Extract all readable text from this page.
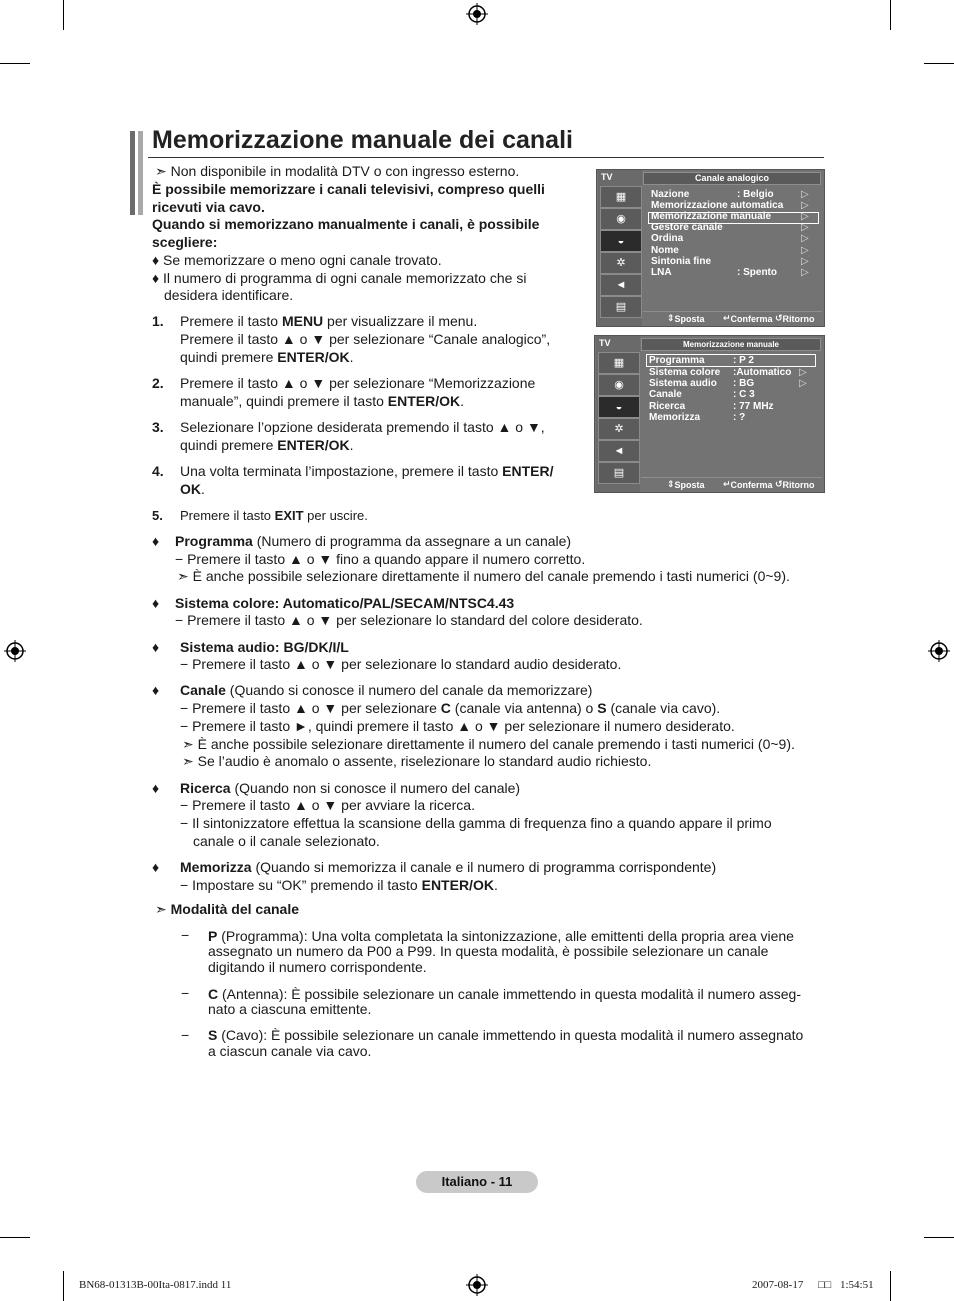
Memorizzazione manuale dei canali
➣ Non disponibile in modalità DTV o con ingresso esterno.
È possibile memorizzare i canali televisivi, compreso quelli
ricevuti via cavo.
Quando si memorizzano manualmente i canali, è possibile
scegliere:
♦ Se memorizzare o meno ogni canale trovato.
♦ Il numero di programma di ogni canale memorizzato che si
desidera identificare.
1. Premere il tasto MENU per visualizzare il menu.
Premere il tasto ▲ o ▼ per selezionare “Canale analogico”,
quindi premere ENTER/OK.
2. Premere il tasto ▲ o ▼ per selezionare “Memorizzazione
manuale”, quindi premere il tasto ENTER/OK.
3. Selezionare l’opzione desiderata premendo il tasto ▲ o ▼,
quindi premere ENTER/OK.
4. Una volta terminata l’impostazione, premere il tasto ENTER/
OK.
5. Premere il tasto EXIT per uscire.
TV	Canale analogico
▦
◉
◒
✲
◄
▤
Nazione	: Belgio	▷
Memorizzazione automatica ▷
Memorizzazione manuale	▷
Gestore canale	▷
Ordina	▷
Nome	▷
Sintonia fine	▷
LNA	: Spento ▷
⇕ Sposta ↵ Conferma ↺ Ritorno
TV	Memorizzazione manuale
▦
◉
◒
✲
◄
▤
Programma	: P 2
Sistema colore :Automatico ▷
Sistema audio : BG	▷
Canale	: C 3
Ricerca	: 77 MHz
Memorizza	: ?
⇕ Sposta ↵ Conferma ↺ Ritorno
♦ Programma (Numero di programma da assegnare a un canale)
− Premere il tasto ▲ o ▼ fino a quando appare il numero corretto.
➣ È anche possibile selezionare direttamente il numero del canale premendo i tasti numerici (0~9).
♦ Sistema colore: Automatico/PAL/SECAM/NTSC4.43
− Premere il tasto ▲ o ▼ per selezionare lo standard del colore desiderato.
♦ Sistema audio: BG/DK/I/L
− Premere il tasto ▲ o ▼ per selezionare lo standard audio desiderato.
♦ Canale (Quando si conosce il numero del canale da memorizzare)
− Premere il tasto ▲ o ▼ per selezionare C (canale via antenna) o S (canale via cavo).
− Premere il tasto ►, quindi premere il tasto ▲ o ▼ per selezionare il numero desiderato.
➣ È anche possibile selezionare direttamente il numero del canale premendo i tasti numerici (0~9).
➣ Se l’audio è anomalo o assente, riselezionare lo standard audio richiesto.
♦ Ricerca (Quando non si conosce il numero del canale)
− Premere il tasto ▲ o ▼ per avviare la ricerca.
− Il sintonizzatore effettua la scansione della gamma di frequenza fino a quando appare il primo
canale o il canale selezionato.
♦ Memorizza (Quando si memorizza il canale e il numero di programma corrispondente)
− Impostare su “OK” premendo il tasto ENTER/OK.
➣ Modalità del canale
− P (Programma): Una volta completata la sintonizzazione, alle emittenti della propria area viene
assegnato un numero da P00 a P99. In questa modalità, è possibile selezionare un canale
digitando il numero corrispondente.
− C (Antenna): È possibile selezionare un canale immettendo in questa modalità il numero asseg-
nato a ciascuna emittente.
− S (Cavo): È possibile selezionare un canale immettendo in questa modalità il numero assegnato
a ciascun canale via cavo.
Italiano - 11
BN68-01313B-00Ita-0817.indd 11	2007-08-17 □□ 1:54:51
